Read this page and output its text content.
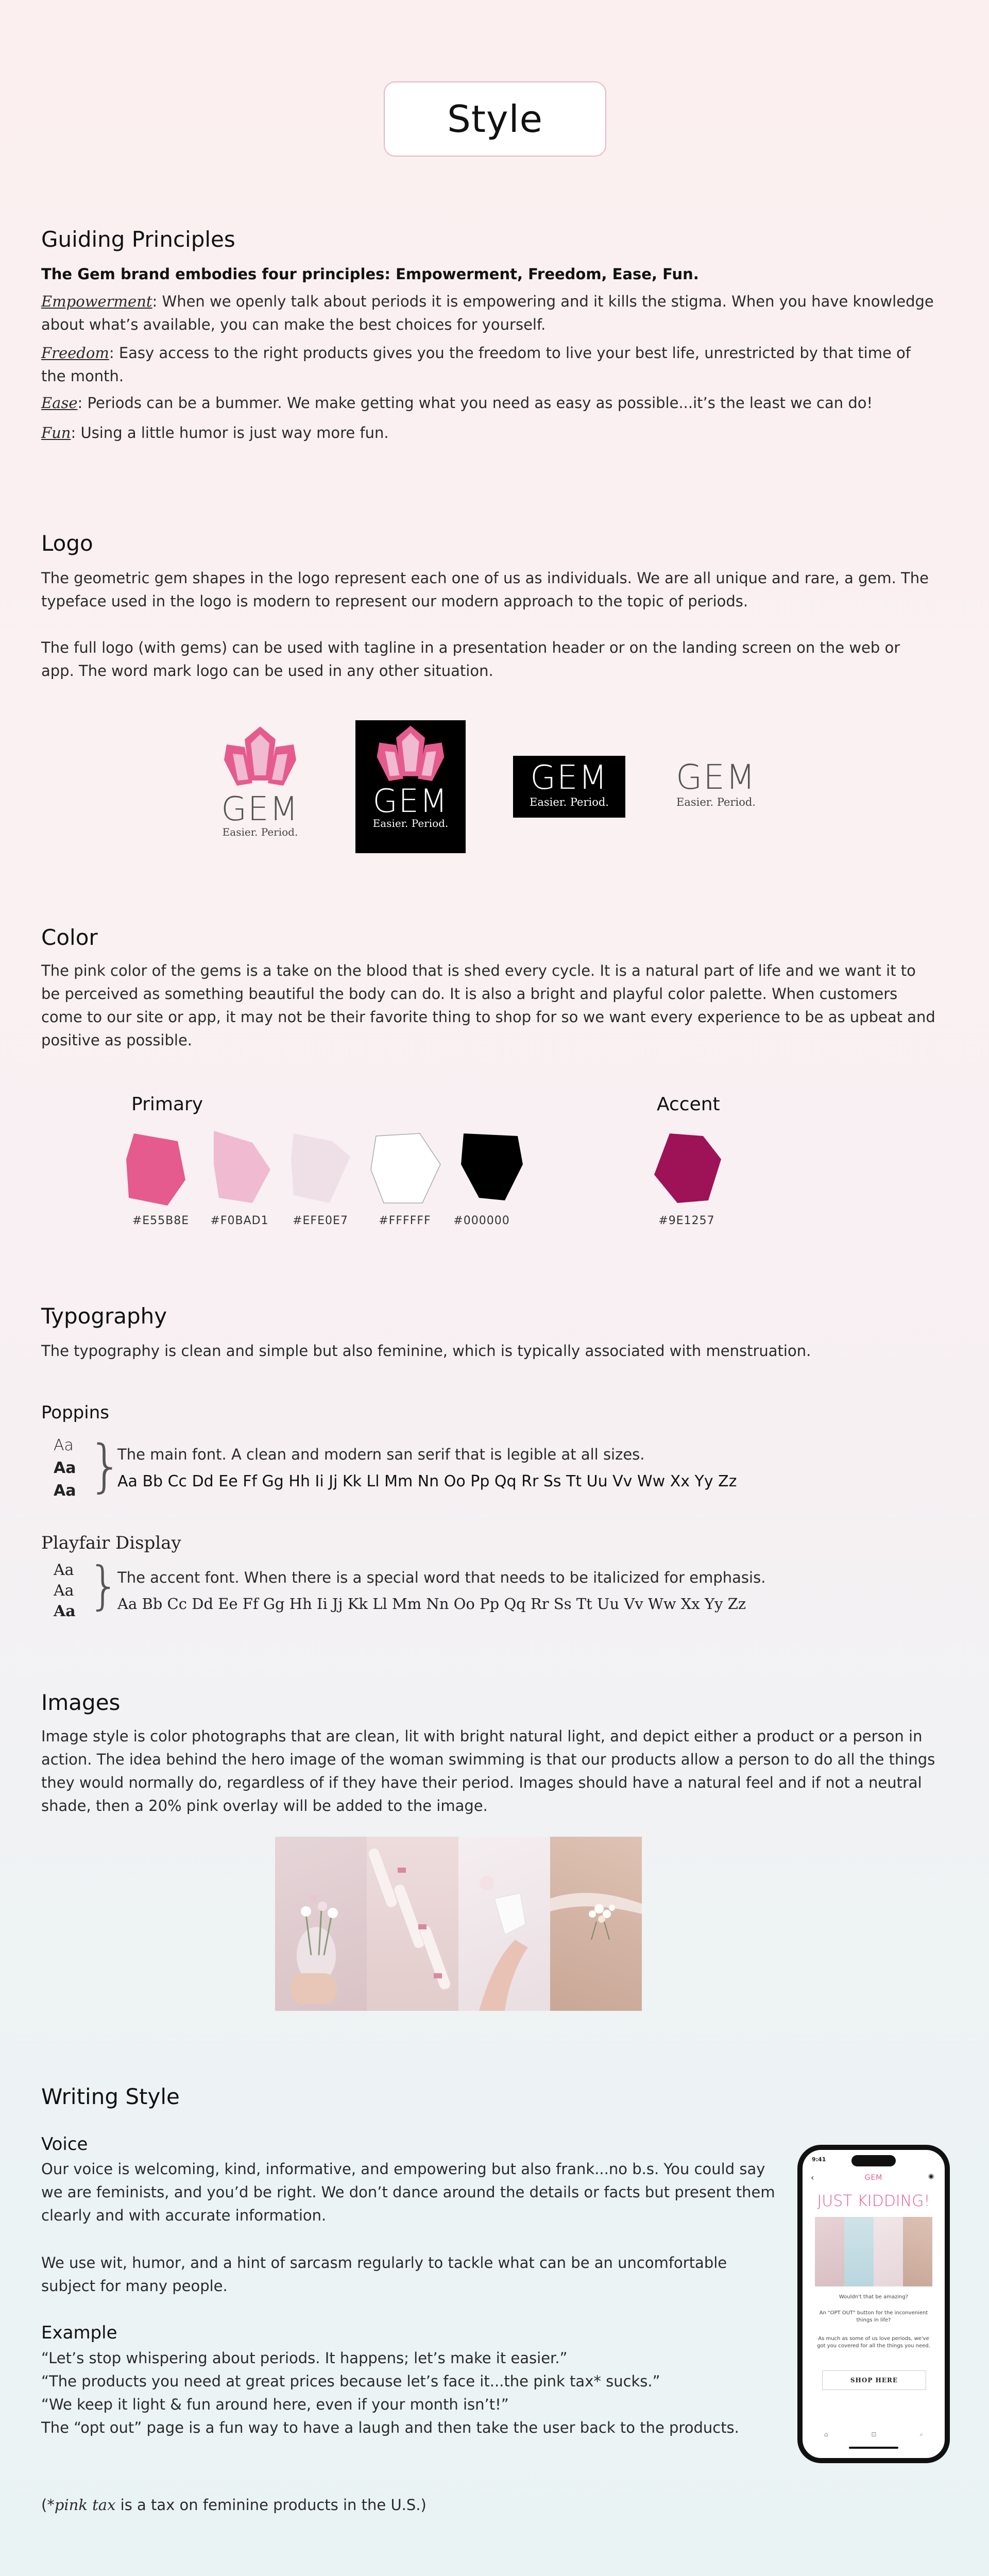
Style
Guiding Principles

The Gem brand embodies four principles: Empowerment, Freedom, Ease, Fun.

Empowerment: When we openly talk about periods it is empowering and it kills the stigma. When you have knowledge about what’s available, you can make the best choices for yourself.

Freedom: Easy access to the right products gives you the freedom to live your best life, unrestricted by that time of the month.

Ease: Periods can be a bummer. We make getting what you need as easy as possible...it’s the least we can do!

Fun: Using a little humor is just way more fun.

Logo

The geometric gem shapes in the logo represent each one of us as individuals. We are all unique and rare, a gem. The typeface used in the logo is modern to represent our modern approach to the topic of periods.

The full logo (with gems) can be used with tagline in a presentation header or on the landing screen on the web or app. The word mark logo can be used in any other situation.

GEM
Easier. Period.
GEM
Easier. Period.
GEM
Easier. Period.
GEM
Easier. Period.
Color

The pink color of the gems is a take on the blood that is shed every cycle. It is a natural part of life and we want it to be perceived as something beautiful the body can do. It is also a bright and playful color palette. When customers come to our site or app, it may not be their favorite thing to shop for so we want every experience to be as upbeat and positive as possible.

Primary	Accent
#E55B8E	#F0BAD1	#EFE0E7	#FFFFFF	#000000	#9E1257
Typography

The typography is clean and simple but also feminine, which is typically associated with menstruation.

Poppins
Aa
Aa
Aa }
The main font. A clean and modern san serif that is legible at all sizes.
Aa Bb Cc Dd Ee Ff Gg Hh Ii Jj Kk Ll Mm Nn Oo Pp Qq Rr Ss Tt Uu Vv Ww Xx Yy Zz
Playfair Display
Aa
Aa
Aa }
The accent font. When there is a special word that needs to be italicized for emphasis.
Aa Bb Cc Dd Ee Ff Gg Hh Ii Jj Kk Ll Mm Nn Oo Pp Qq Rr Ss Tt Uu Vv Ww Xx Yy Zz
Images

Image style is color photographs that are clean, lit with bright natural light, and depict either a product or a person in action. The idea behind the hero image of the woman swimming is that our products allow a person to do all the things they would normally do, regardless of if they have their period. Images should have a natural feel and if not a neutral shade, then a 20% pink overlay will be added to the image.

Writing Style
Voice

Our voice is welcoming, kind, informative, and empowering but also frank...no b.s. You could say we are feminists, and you’d be right. We don’t dance around the details or facts but present them clearly and with accurate information.

We use wit, humor, and a hint of sarcasm regularly to tackle what can be an uncomfortable subject for many people.

Example

“Let’s stop whispering about periods. It happens; let’s make it easier.”

“The products you need at great prices because let’s face it...the pink tax* sucks.”

“We keep it light & fun around here, even if your month isn’t!”

The “opt out” page is a fun way to have a laugh and then take the user back to the products.

(*pink tax is a tax on feminine products in the U.S.)

9:41
‹	GEM	◉
JUST KIDDING!
Wouldn't that be amazing?
An "OPT OUT" button for the inconvenient things in life?
As much as some of us love periods, we've got you covered for all the things you need.
SHOP HERE
⌂	⊡	⌕
